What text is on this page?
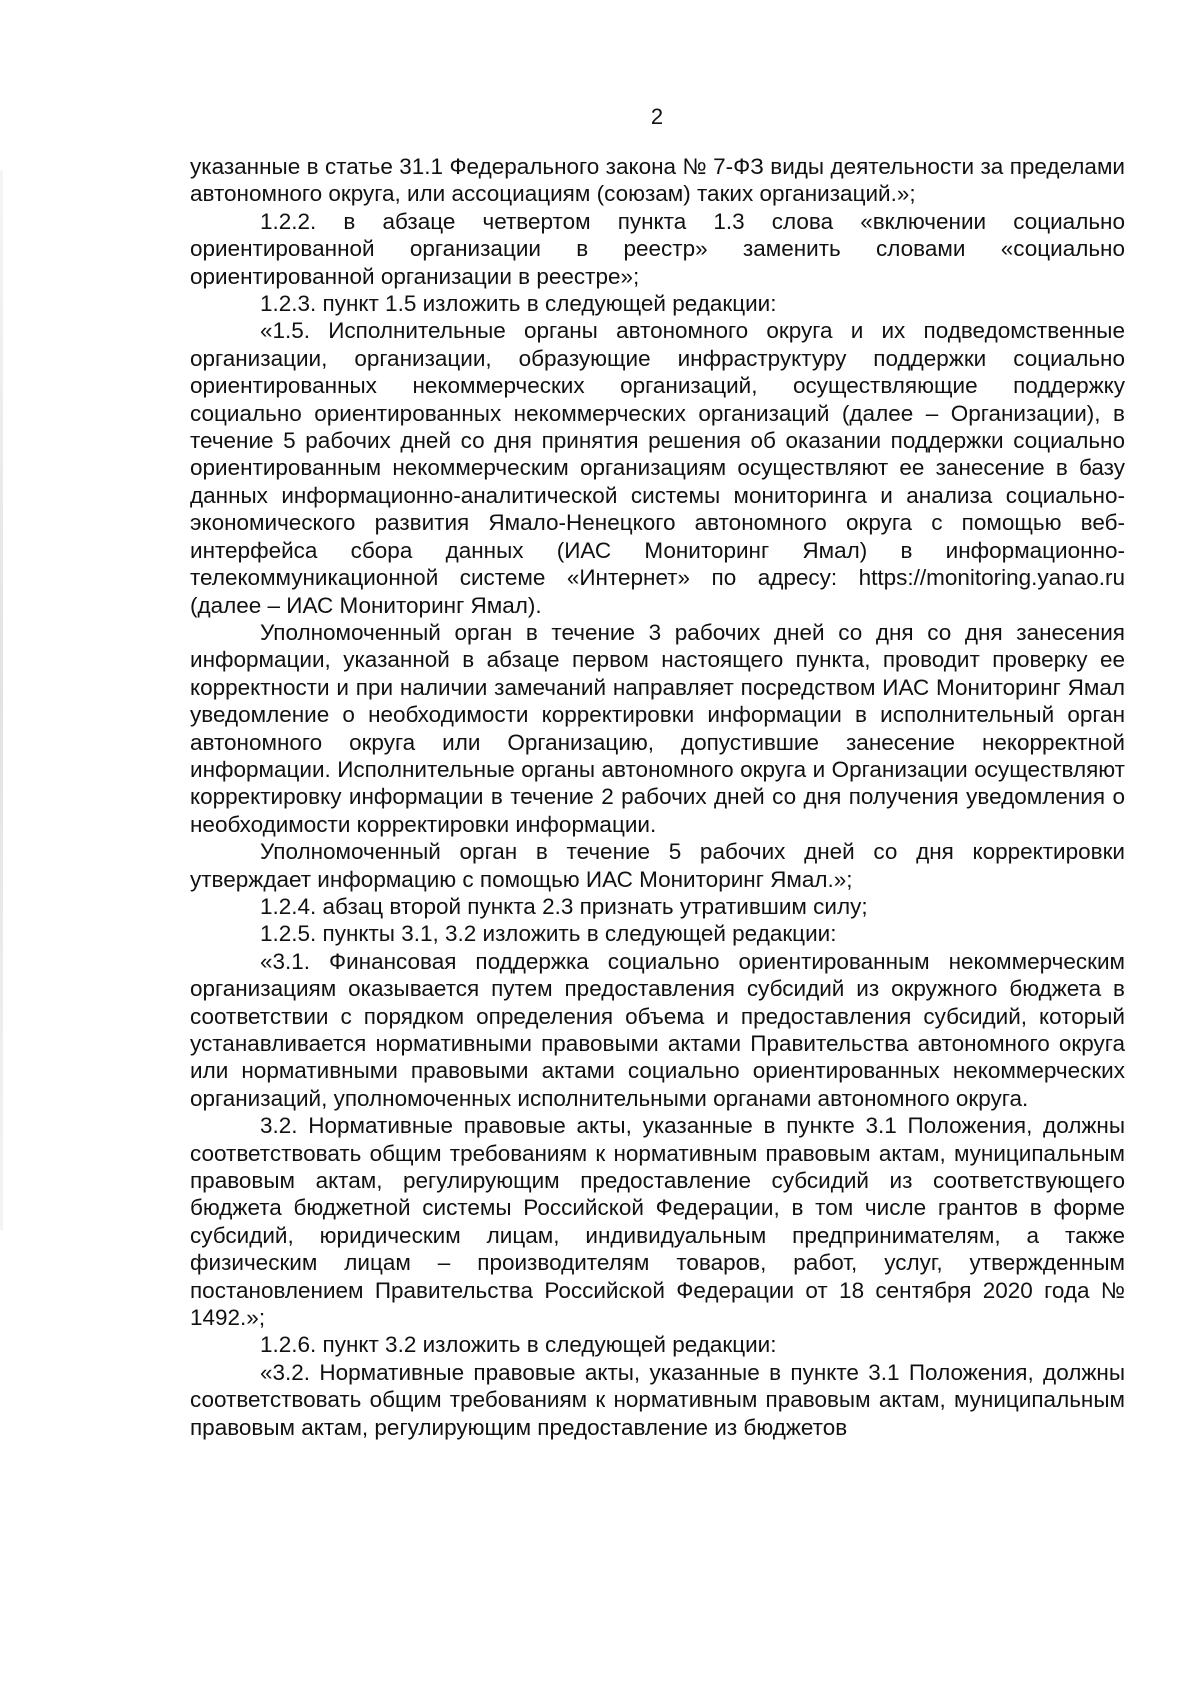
2

указанные в статье 31.1 Федерального закона № 7-ФЗ виды деятельности за пределами автономного округа, или ассоциациям (союзам) таких организаций.»;

1.2.2. в абзаце четвертом пункта 1.3 слова «включении социально ориентированной организации в реестр» заменить словами «социально ориентированной организации в реестре»;

1.2.3. пункт 1.5 изложить в следующей редакции:

«1.5. Исполнительные органы автономного округа и их подведомственные организации, организации, образующие инфраструктуру поддержки социально ориентированных некоммерческих организаций, осуществляющие поддержку социально ориентированных некоммерческих организаций (далее – Организации), в течение 5 рабочих дней со дня принятия решения об оказании поддержки социально ориентированным некоммерческим организациям осуществляют ее занесение в базу данных информационно-аналитической системы мониторинга и анализа социально-экономического развития Ямало-Ненецкого автономного округа с помощью веб-интерфейса сбора данных (ИАС Мониторинг Ямал) в информационно-телекоммуникационной системе «Интернет» по адресу: https://monitoring.yanao.ru (далее – ИАС Мониторинг Ямал).

Уполномоченный орган в течение 3 рабочих дней со дня со дня занесения информации, указанной в абзаце первом настоящего пункта, проводит проверку ее корректности и при наличии замечаний направляет посредством ИАС Мониторинг Ямал уведомление о необходимости корректировки информации в исполнительный орган автономного округа или Организацию, допустившие занесение некорректной информации. Исполнительные органы автономного округа и Организации осуществляют корректировку информации в течение 2 рабочих дней со дня получения уведомления о необходимости корректировки информации.

Уполномоченный орган в течение 5 рабочих дней со дня корректировки утверждает информацию с помощью ИАС Мониторинг Ямал.»;

1.2.4. абзац второй пункта 2.3 признать утратившим силу;

1.2.5. пункты 3.1, 3.2 изложить в следующей редакции:

«3.1. Финансовая поддержка социально ориентированным некоммерческим организациям оказывается путем предоставления субсидий из окружного бюджета в соответствии с порядком определения объема и предоставления субсидий, который устанавливается нормативными правовыми актами Правительства автономного округа или нормативными правовыми актами социально ориентированных некоммерческих организаций, уполномоченных исполнительными органами автономного округа.

3.2. Нормативные правовые акты, указанные в пункте 3.1 Положения, должны соответствовать общим требованиям к нормативным правовым актам, муниципальным правовым актам, регулирующим предоставление субсидий из соответствующего бюджета бюджетной системы Российской Федерации, в том числе грантов в форме субсидий, юридическим лицам, индивидуальным предпринимателям, а также физическим лицам – производителям товаров, работ, услуг, утвержденным постановлением Правительства Российской Федерации от 18 сентября 2020 года № 1492.»;

1.2.6. пункт 3.2 изложить в следующей редакции:

«3.2. Нормативные правовые акты, указанные в пункте 3.1 Положения, должны соответствовать общим требованиям к нормативным правовым актам, муниципальным правовым актам, регулирующим предоставление из бюджетов
